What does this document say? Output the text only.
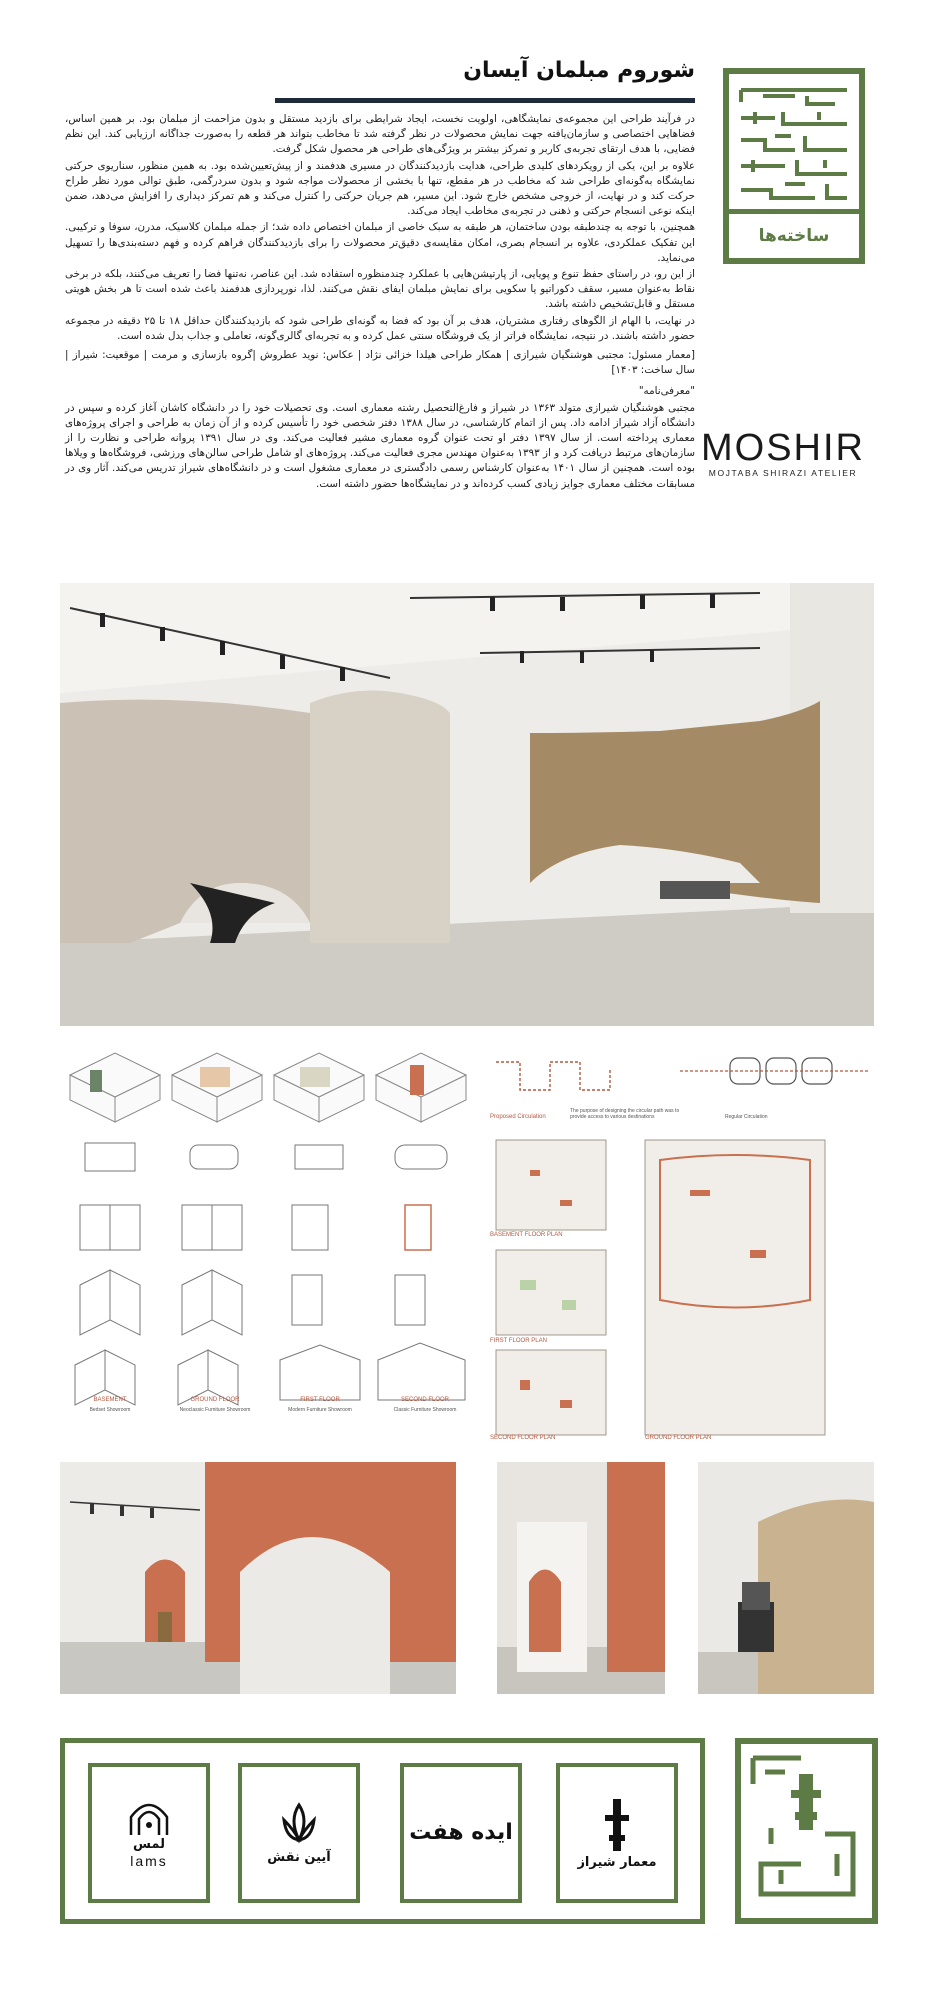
شوروم مبلمان آیسان

در فرآیند طراحی این مجموعه‌ی نمایشگاهی، اولویت نخست، ایجاد شرایطی برای بازدید مستقل و بدون مزاحمت از مبلمان بود. بر همین اساس، فضاهایی اختصاصی و سازمان‌یافته جهت نمایش محصولات در نظر گرفته شد تا مخاطب بتواند هر قطعه را به‌صورت جداگانه ارزیابی کند. این نظم فضایی، با هدف ارتقای تجربه‌ی کاربر و تمرکز بیشتر بر ویژگی‌های طراحی هر محصول شکل گرفت.

علاوه بر این، یکی از رویکردهای کلیدی طراحی، هدایت بازدیدکنندگان در مسیری هدفمند و از پیش‌تعیین‌شده بود. به همین منظور، سناریوی حرکتی نمایشگاه به‌گونه‌ای طراحی شد که مخاطب در هر مقطع، تنها با بخشی از محصولات مواجه شود و بدون سردرگمی، طبق توالی مورد نظر طراح حرکت کند و در نهایت، از خروجی مشخص خارج شود. این مسیر، هم جریان حرکتی را کنترل می‌کند و هم تمرکز دیداری را افزایش می‌دهد، ضمن اینکه نوعی انسجام حرکتی و ذهنی در تجربه‌ی مخاطب ایجاد می‌کند.

همچنین، با توجه به چندطبقه بودن ساختمان، هر طبقه به سبک خاصی از مبلمان اختصاص داده شد؛ از جمله مبلمان کلاسیک، مدرن، سوفا و ترکیبی. این تفکیک عملکردی، علاوه بر انسجام بصری، امکان مقایسه‌ی دقیق‌تر محصولات را برای بازدیدکنندگان فراهم کرده و فهم دسته‌بندی‌ها را تسهیل می‌نماید.

از این رو، در راستای حفظ تنوع و پویایی، از پارتیشن‌هایی با عملکرد چندمنظوره استفاده شد. این عناصر، نه‌تنها فضا را تعریف می‌کنند، بلکه در برخی نقاط به‌عنوان مسیر، سقف دکوراتیو یا سکویی برای نمایش مبلمان ایفای نقش می‌کنند. لذا، نورپردازی هدفمند باعث شده است تا هر بخش هویتی مستقل و قابل‌تشخیص داشته باشد.

در نهایت، با الهام از الگوهای رفتاری مشتریان، هدف بر آن بود که فضا به گونه‌ای طراحی شود که بازدیدکنندگان حداقل ۱۸ تا ۲۵ دقیقه در مجموعه حضور داشته باشند. در نتیجه، نمایشگاه فراتر از یک فروشگاه سنتی عمل کرده و به تجربه‌ای گالری‌گونه، تعاملی و جذاب بدل شده است.

[معمار مسئول: مجتبی هوشنگیان شیرازی | همکار طراحی هیلدا خزائی نژاد | عکاس: نوید عطروش |گروه بازسازی و مرمت | موقعیت: شیراز | سال ساخت: ۱۴۰۳]

"معرفی‌نامه"

مجتبی هوشنگیان شیرازی متولد ۱۳۶۳ در شیراز و فارغ‌التحصیل رشته معماری است. وی تحصیلات خود را در دانشگاه کاشان آغاز کرده و سپس در دانشگاه آزاد شیراز ادامه داد. پس از اتمام کارشناسی، در سال ۱۳۸۸ دفتر شخصی خود را تأسیس کرده و از آن زمان به طراحی و اجرای پروژه‌های معماری پرداخته است. از سال ۱۳۹۷ دفتر او تحت عنوان گروه معماری مشیر فعالیت می‌کند. وی در سال ۱۳۹۱ پروانه طراحی و نظارت را از سازمان‌های مرتبط دریافت کرد و از ۱۳۹۳ به‌عنوان مهندس مجری فعالیت می‌کند. پروژه‌های او شامل طراحی سالن‌های ورزشی، فروشگاه‌ها و ویلاها بوده است. همچنین از سال ۱۴۰۱ به‌عنوان کارشناس رسمی دادگستری در معماری مشغول است و در دانشگاه‌های شیراز تدریس می‌کند. آثار وی در مسابقات مختلف معماری جوایز زیادی کسب کرده‌اند و در نمایشگاه‌ها حضور داشته است.

ساخته‌ها
MOSHIR
MOJTABA SHIRAZI ATELIER
BASEMENT	GROUND FLOOR	FIRST FLOOR	SECOND FLOOR
Bedset Showroom	Neoclassic Furniture Showroom	Modern Furniture Showroom	Classic Furniture Showroom
Proposed Circulation
The purpose of designing the circular path was to provide access to various destinations	Regular Circulation
BASEMENT FLOOR PLAN
FIRST FLOOR PLAN
SECOND FLOOR PLAN	GROUND FLOOR PLAN
معمار شیراز
ایده هفت
آیین نقش
لمس
lams
